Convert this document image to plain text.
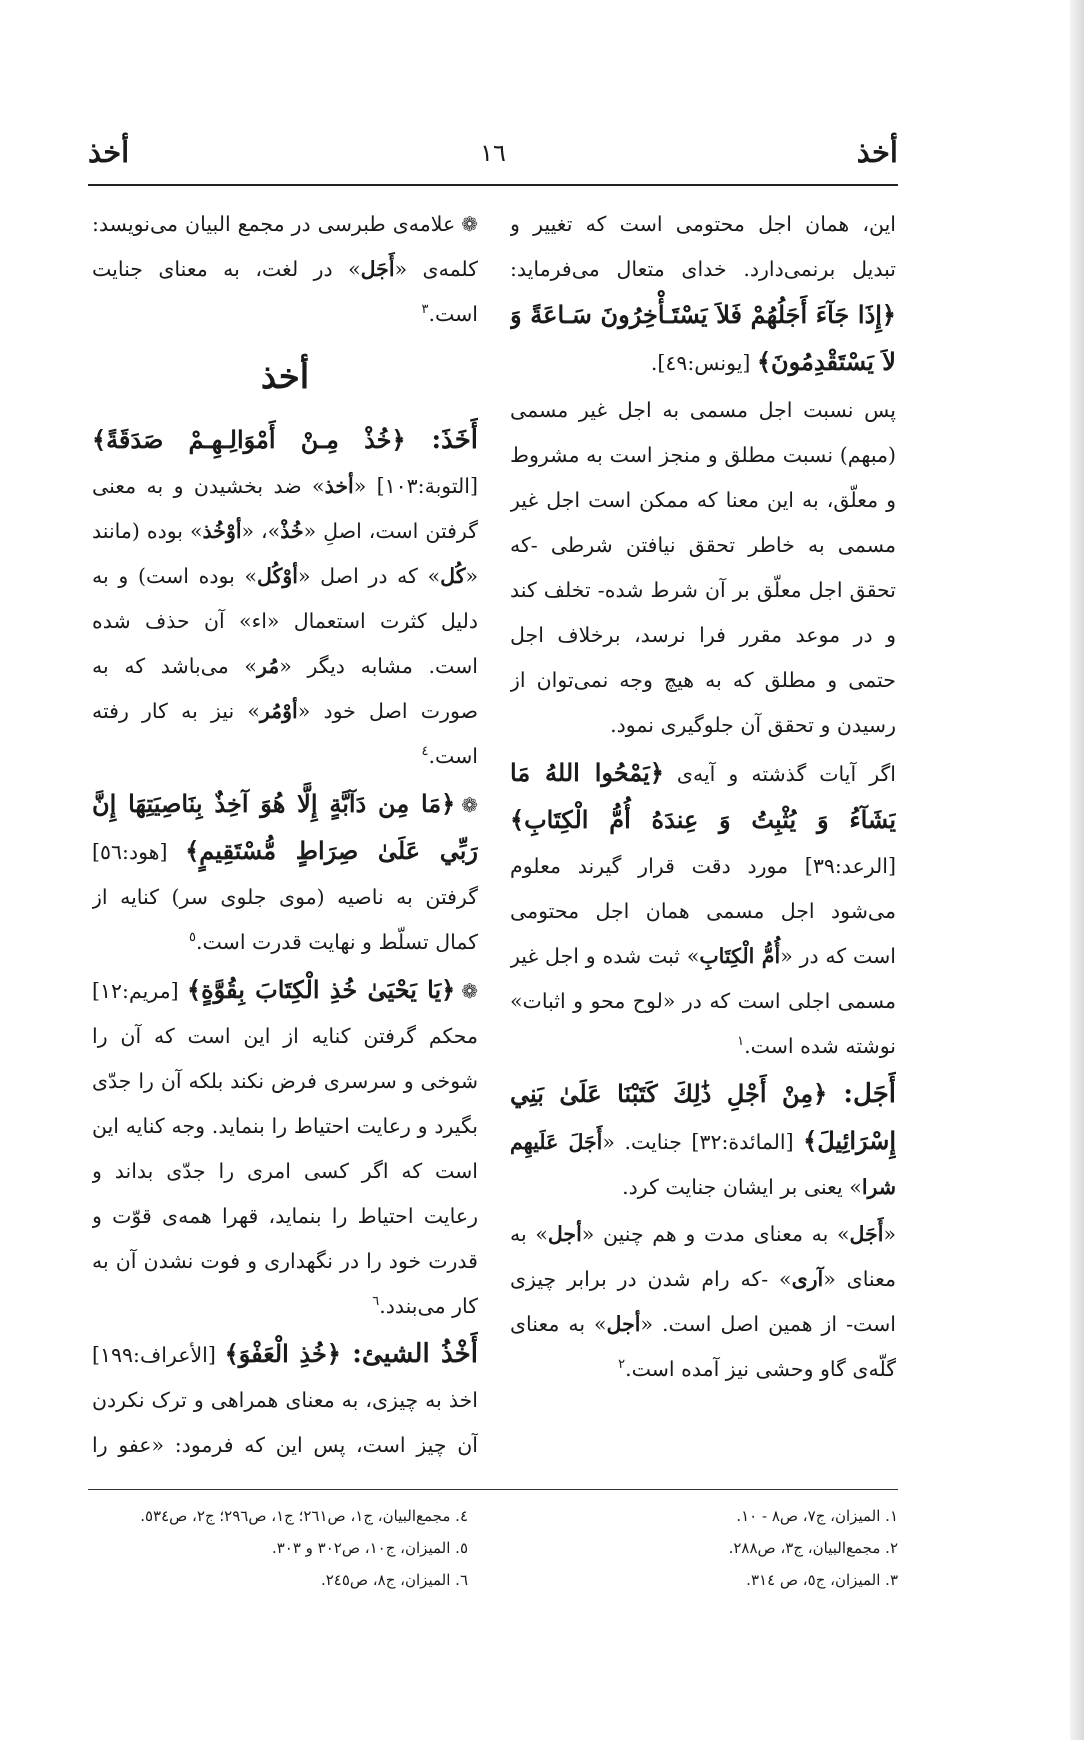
أخذ
١٦
أخذ

این، همان اجل محتومی است که تغییر و تبدیل برنمی‌دارد. خدای متعال می‌فرماید: ﴿إِذَا جَآءَ أَجَلُهُمْ فَلاَ يَسْتَـأْخِرُونَ سَـاعَةً وَ لاَ يَسْتَقْدِمُونَ﴾ [یونس:٤٩].

پس نسبت اجل مسمی به اجل غیر مسمی (مبهم) نسبت مطلق و منجز است به مشروط و معلّق، به این معنا که ممکن است اجل غیر مسمی به خاطر تحقق نیافتن شرطی -که تحقق اجل معلّق بر آن شرط شده- تخلف کند و در موعد مقرر فرا نرسد، برخلاف اجل حتمی و مطلق که به هیچ وجه نمی‌توان از رسیدن و تحقق آن جلوگیری نمود.

اگر آیات گذشته و آیه‌ی ﴿يَمْحُوا اللهُ مَا يَشَآءُ وَ يُثْبِتُ وَ عِندَهُ أُمُّ الْكِتَابِ﴾ [الرعد:٣٩] مورد دقت قرار گیرند معلوم می‌شود اجل مسمی همان اجل محتومی است که در «أُمُّ الْكِتَابِ» ثبت شده و اجل غیر مسمی اجلی است که در «لوح محو و اثبات» نوشته شده است.$^١$

أَجَل: ﴿مِنْ أَجْلِ ذَٰلِكَ كَتَبْنَا عَلَىٰ بَنِي إِسْرَائِيلَ﴾ [المائدة:٣٢] جنایت. «أَجَلَ عَلَيهِم شرا» یعنی بر ایشان جنایت کرد.

«أَجَل» به معنای مدت و هم چنین «أجل» به معنای «آری» -که رام شدن در برابر چیزی است- از همین اصل است. «أجل» به معنای گلّه‌ی گاو وحشی نیز آمده است.$^٢$

❁علامه‌ی طبرسی در مجمع البیان می‌نویسد: کلمه‌ی «أَجَل» در لغت، به معنای جنایت است.$^٣$

أخذ

أَخَذَ: ﴿خُذْ مِـنْ أَمْوَالِـهِـمْ صَدَقَةً﴾ [التوبة:١٠٣] «أخذ» ضد بخشیدن و به معنی گرفتن است، اصلِ «خُذْ»، «أوْخُذ» بوده (مانند «كُل» که در اصل «أوْكُل» بوده است) و به دلیل کثرت استعمال «اء» آن حذف شده است. مشابه دیگر «مُر» می‌باشد که به صورت اصل خود «أوْمُر» نیز به کار رفته است.$^٤$

❁﴿مَا مِن دَآبَّةٍ إِلَّا هُوَ آخِذٌ بِنَاصِيَتِهَا إِنَّ رَبِّي عَلَىٰ صِرَاطٍ مُّسْتَقِيمٍ﴾ [هود:٥٦] گرفتن به ناصیه (موی جلوی سر) کنایه از کمال تسلّط و نهایت قدرت است.$^٥$

❁﴿يَا يَحْيَىٰ خُذِ الْكِتَابَ بِقُوَّةٍ﴾ [مریم:١٢] محکم گرفتن کنایه از این است که آن را شوخی و سرسری فرض نکند بلکه آن را جدّی بگیرد و رعایت احتیاط را بنماید. وجه کنایه این است که اگر کسی امری را جدّی بداند و رعایت احتیاط را بنماید، قهرا همه‌ی قوّت و قدرت خود را در نگهداری و فوت نشدن آن به کار می‌بندد.$^٦$

أَخْذُ الشيئ: ﴿خُذِ الْعَفْوَ﴾ [الأعراف:١٩٩] اخذ به چیزی، به معنای همراهی و ترک نکردن آن چیز است، پس این که فرمود: «عفو را

١. المیزان، ج٧، ص٨ - ١٠.
٢. مجمع‌البیان، ج٣، ص٢٨٨.
٣. المیزان، ج٥، ص ٣١٤.
٤. مجمع‌البیان، ج١، ص٢٦١؛ ج١، ص٢٩٦؛ ج٢، ص٥٣٤.
٥. المیزان، ج١٠، ص٣٠٢ و ٣٠٣.
٦. المیزان، ج٨، ص٢٤٥.
